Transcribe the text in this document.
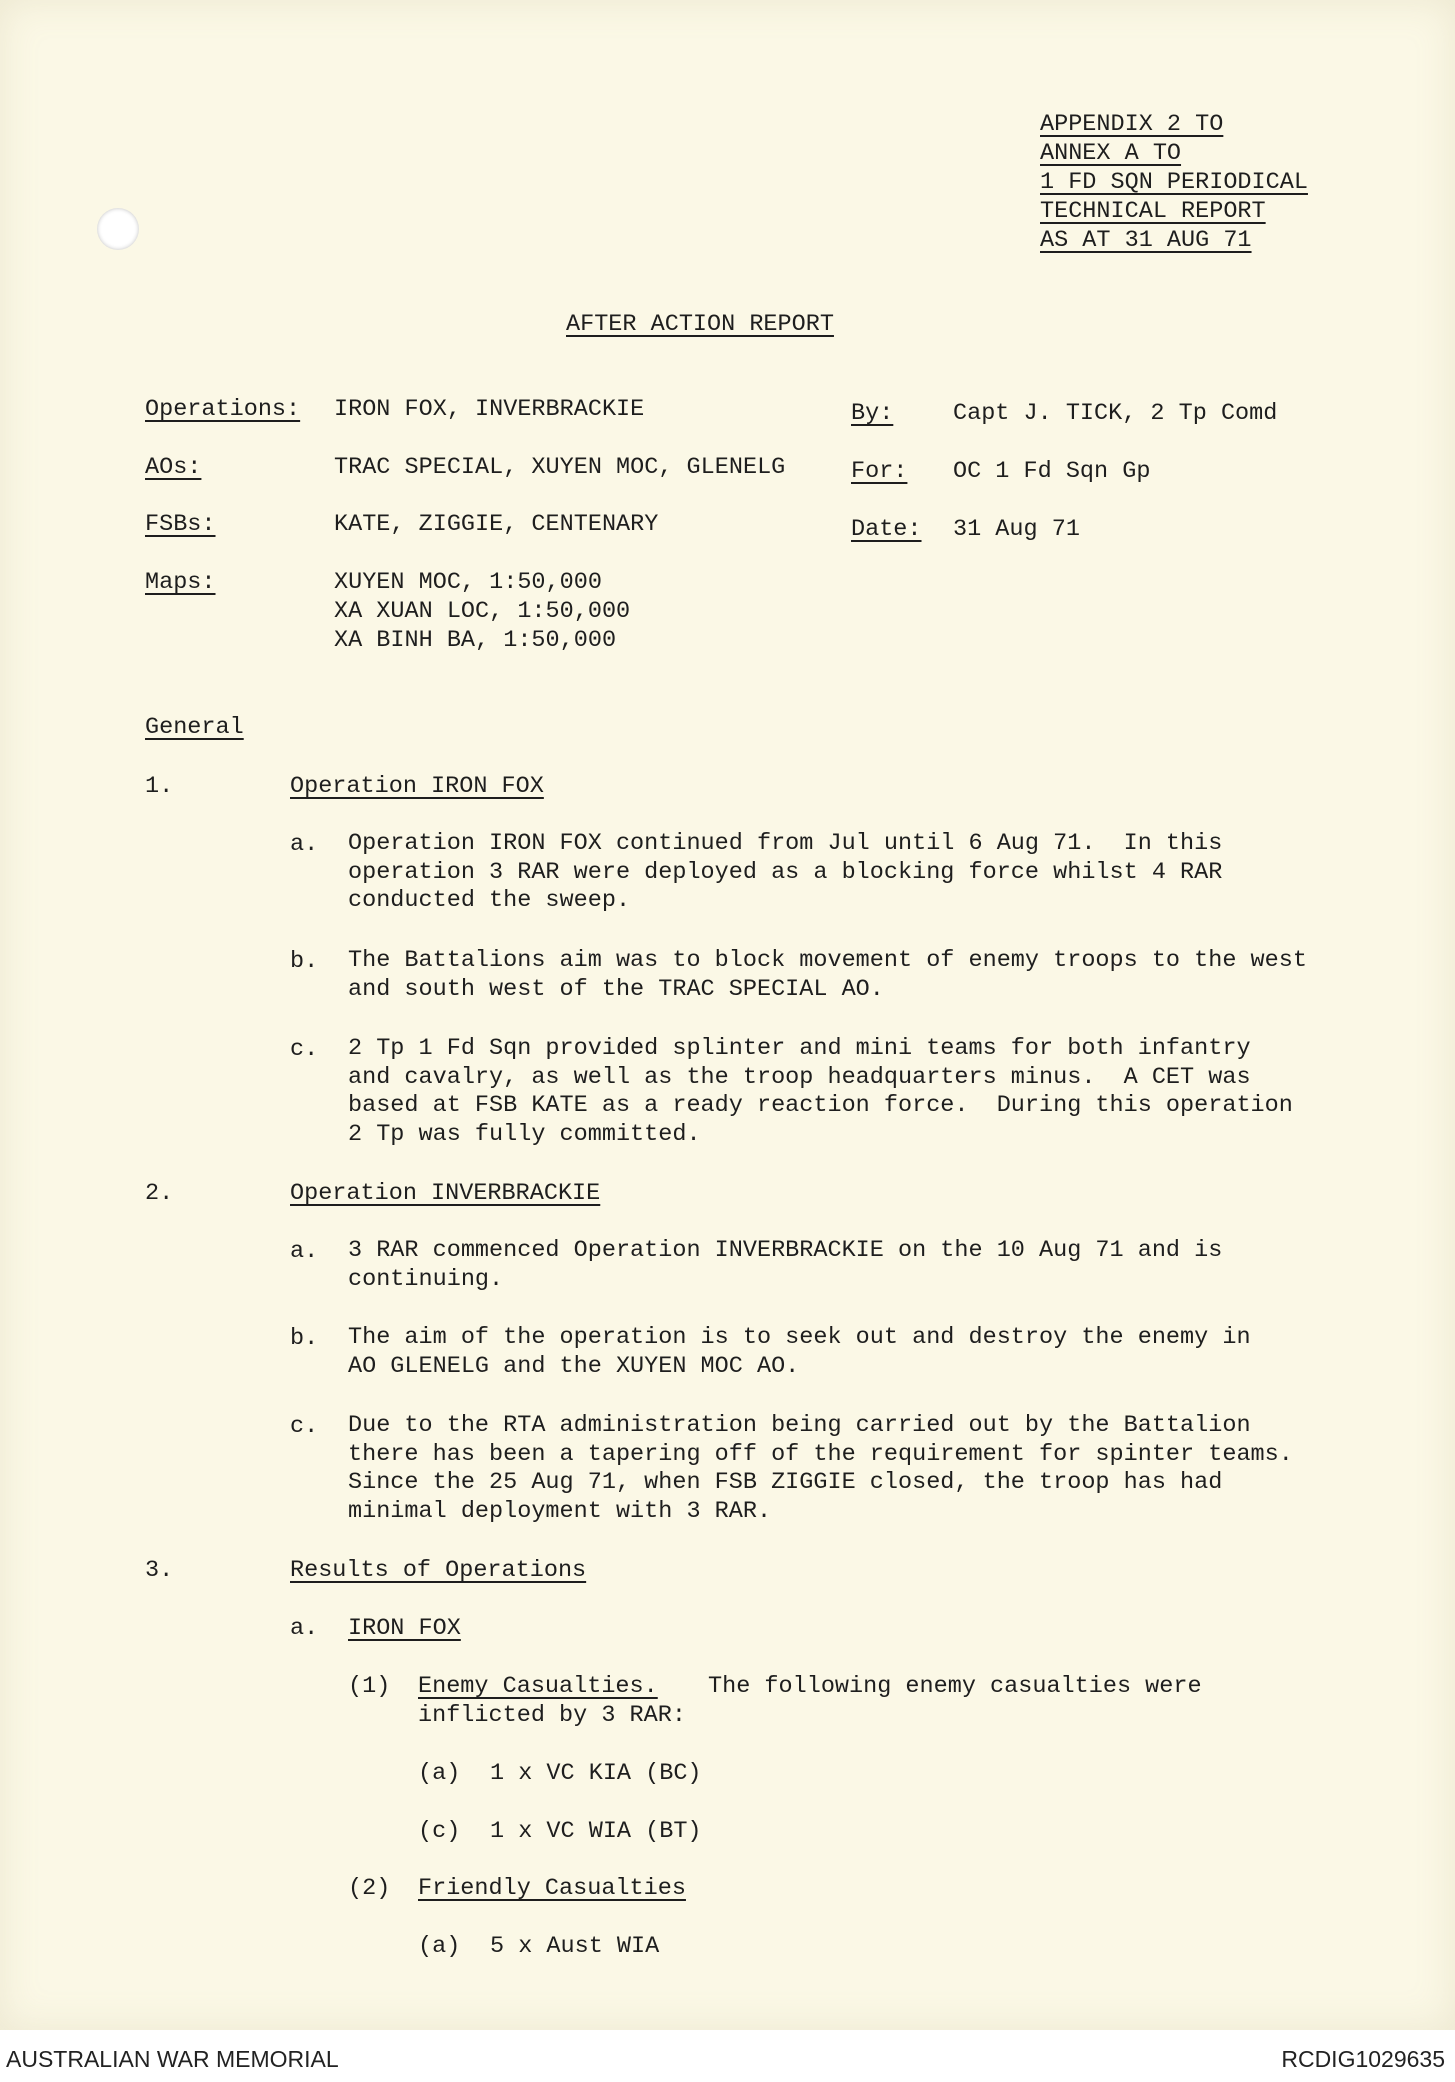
APPENDIX 2 TO
ANNEX A TO
1 FD SQN PERIODICAL
TECHNICAL REPORT
AS AT 31 AUG 71
AFTER ACTION REPORT
Operations: IRON FOX, INVERBRACKIE
AOs:	TRAC SPECIAL, XUYEN MOC, GLENELG
FSBs:	KATE, ZIGGIE, CENTENARY
Maps:	XUYEN MOC, 1:50,000
XA XUAN LOC, 1:50,000
XA BINH BA, 1:50,000
By:	Capt J. TICK, 2 Tp Comd
For: OC 1 Fd Sqn Gp
Date: 31 Aug 71
General
1.	Operation IRON FOX
a. Operation IRON FOX continued from Jul until 6 Aug 71.  In this
operation 3 RAR were deployed as a blocking force whilst 4 RAR
conducted the sweep.
b. The Battalions aim was to block movement of enemy troops to the west
and south west of the TRAC SPECIAL AO.
c. 2 Tp 1 Fd Sqn provided splinter and mini teams for both infantry
and cavalry, as well as the troop headquarters minus.  A CET was
based at FSB KATE as a ready reaction force.  During this operation
2 Tp was fully committed.
2.	Operation INVERBRACKIE
a. 3 RAR commenced Operation INVERBRACKIE on the 10 Aug 71 and is
continuing.
b. The aim of the operation is to seek out and destroy the enemy in
AO GLENELG and the XUYEN MOC AO.
c. Due to the RTA administration being carried out by the Battalion
there has been a tapering off of the requirement for spinter teams.
Since the 25 Aug 71, when FSB ZIGGIE closed, the troop has had
minimal deployment with 3 RAR.
3.	Results of Operations
a. IRON FOX
(1) Enemy Casualties. The following enemy casualties were
inflicted by 3 RAR:
(a) 1 x VC KIA (BC)
(c) 1 x VC WIA (BT)
(2) Friendly Casualties
(a) 5 x Aust WIA
AUSTRALIAN WAR MEMORIAL	RCDIG1029635
